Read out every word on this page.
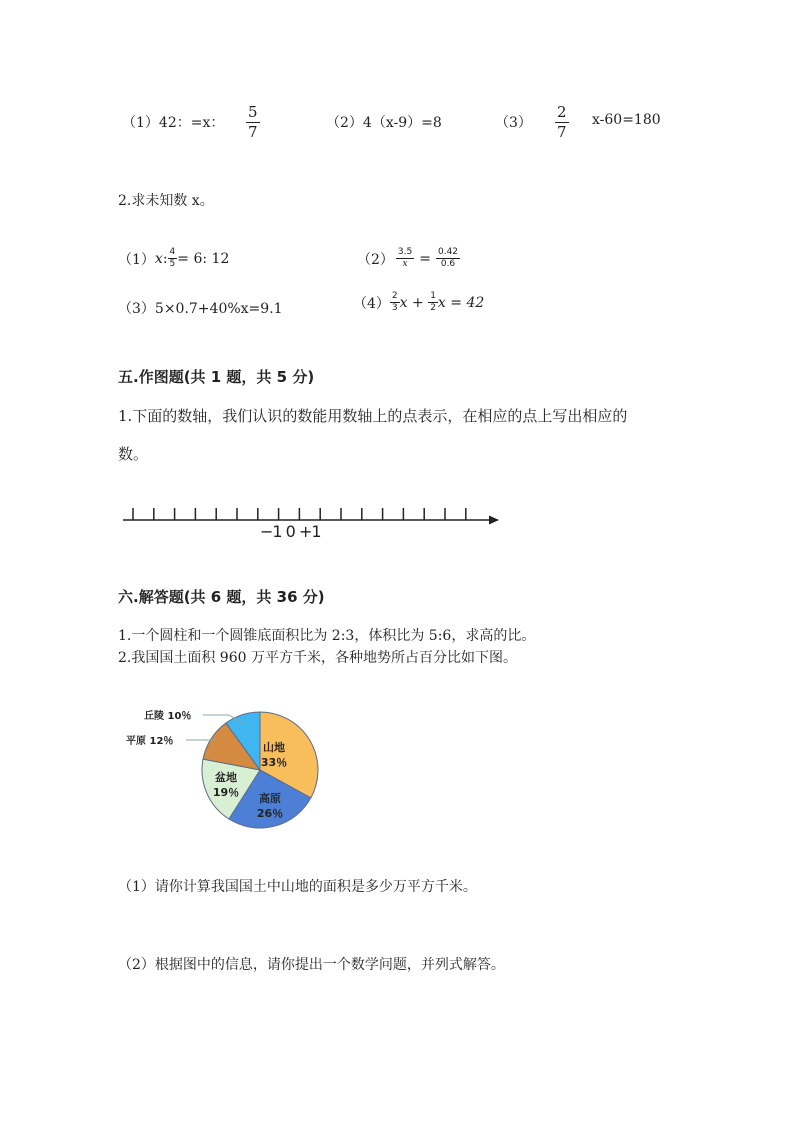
（1）42：=x： $\frac{5}{7}$	（2）4（x-9）=8	$(3) \frac{2}{7} x-60=180$
2.求未知数 x。
（1） x : $\frac{4}{5} = 6$: 12	$(2) \frac{3.5}{x} = \frac{0.42}{0.6}$
（3）5×0.7+40%x=9.1	$(4) \frac{2}{3}$ $x + \frac{1}{2}$ x = 42
五.作图题(共 1 题，共 5 分)
1.下面的数轴，我们认识的数能用数轴上的点表示，在相应的点上写出相应的
数。
−1 0 +1
六.解答题(共 6 题，共 36 分)
1.一个圆柱和一个圆锥底面积比为 2:3，体积比为 5:6，求高的比。
2.我国国土面积 960 万平方千米，各种地势所占百分比如下图。
丘陵 10％
平原 12％	山地
33％
高原
26％
盆地
19％
（1）请你计算我国国土中山地的面积是多少万平方千米。
（2）根据图中的信息，请你提出一个数学问题，并列式解答。
